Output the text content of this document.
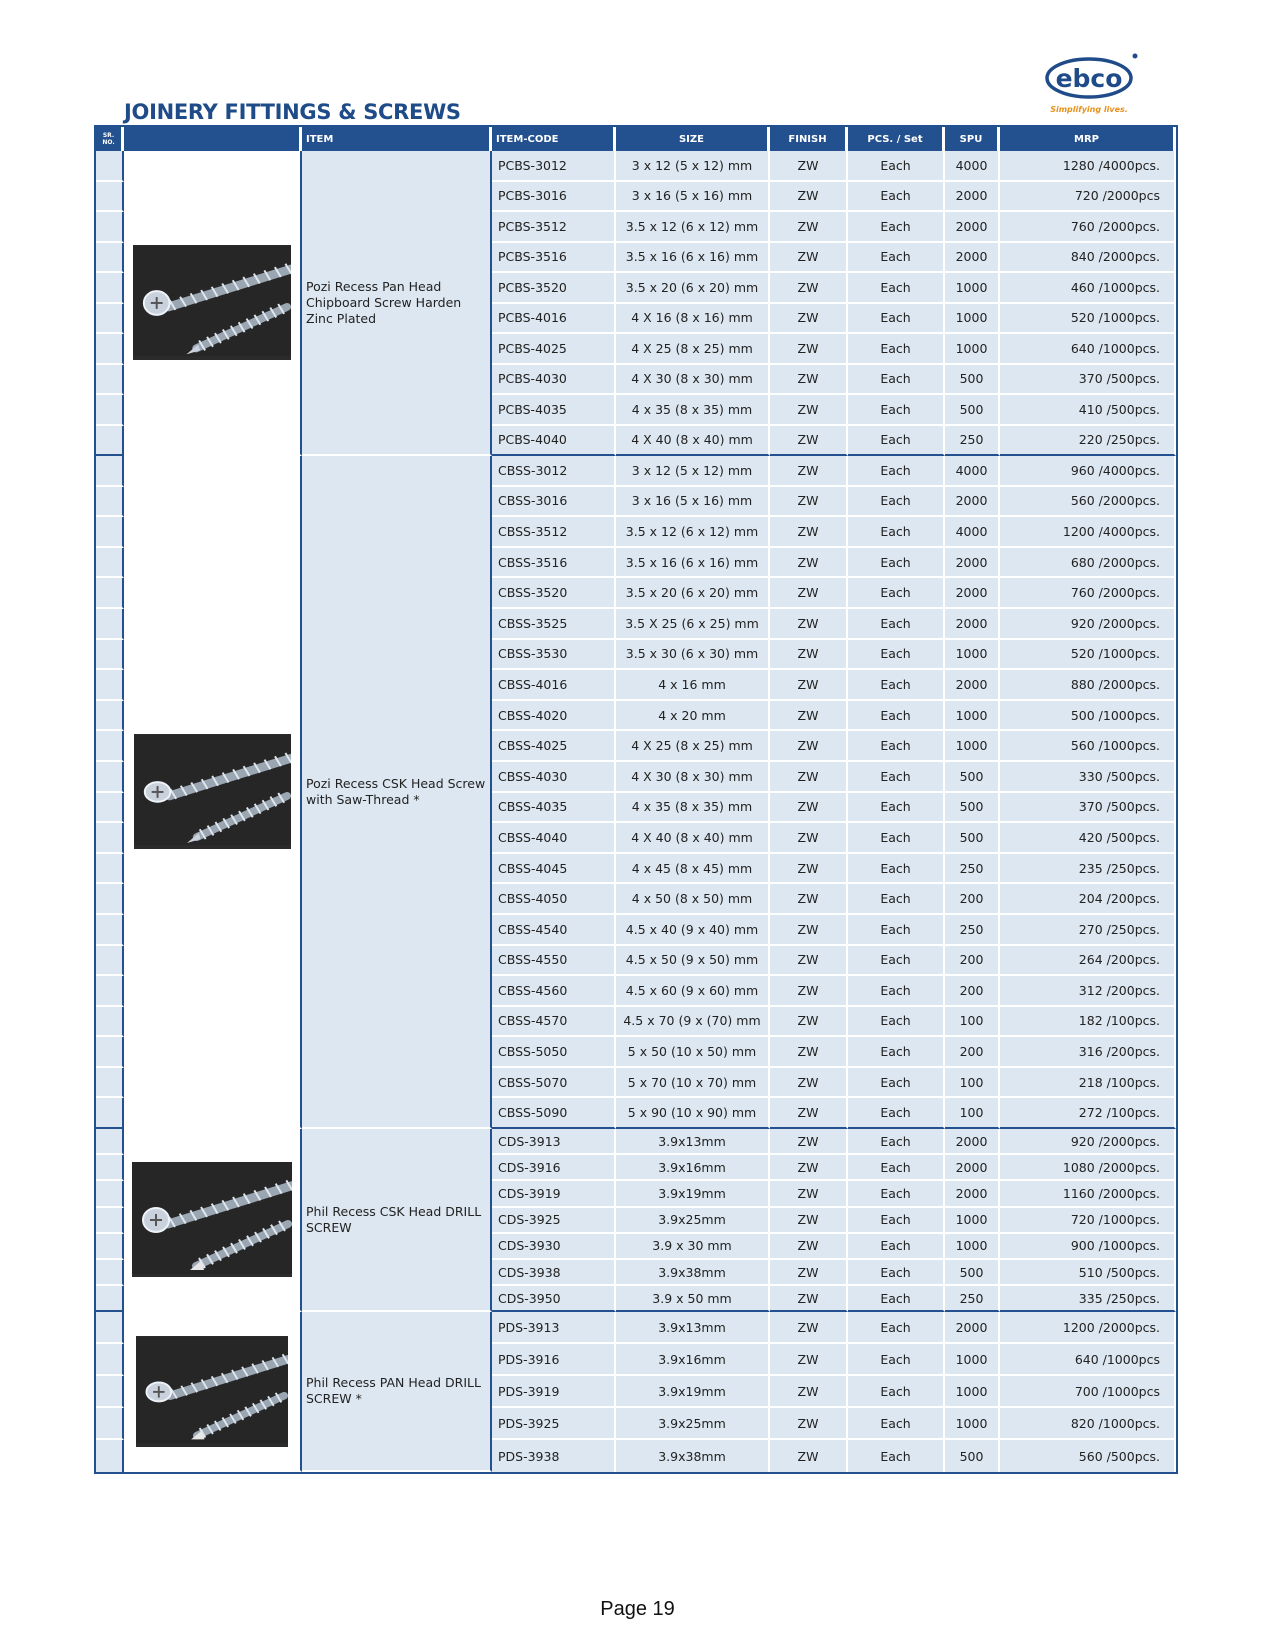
ebco
Simplifying lives.
JOINERY FITTINGS & SCREWS
SR. NO.		ITEM	ITEM-CODE	SIZE	FINISH	PCS. / Set	SPU	MRP
		Pozi Recess Pan Head Chipboard Screw Harden Zinc Plated	PCBS-3012	3 x 12 (5 x 12) mm	ZW	Each	4000	1280 /4000pcs.
			PCBS-3016	3 x 16 (5 x 16) mm	ZW	Each	2000	720 /2000pcs
			PCBS-3512	3.5 x 12 (6 x 12) mm	ZW	Each	2000	760 /2000pcs.
			PCBS-3516	3.5 x 16 (6 x 16) mm	ZW	Each	2000	840 /2000pcs.
			PCBS-3520	3.5 x 20 (6 x 20) mm	ZW	Each	1000	460 /1000pcs.
			PCBS-4016	4 X 16 (8 x 16) mm	ZW	Each	1000	520 /1000pcs.
			PCBS-4025	4 X 25 (8 x 25) mm	ZW	Each	1000	640 /1000pcs.
			PCBS-4030	4 X 30 (8 x 30) mm	ZW	Each	500	370 /500pcs.
			PCBS-4035	4 x 35 (8 x 35) mm	ZW	Each	500	410 /500pcs.
			PCBS-4040	4 X 40 (8 x 40) mm	ZW	Each	250	220 /250pcs.
		Pozi Recess CSK Head Screw with Saw-Thread *	CBSS-3012	3 x 12 (5 x 12) mm	ZW	Each	4000	960 /4000pcs.
			CBSS-3016	3 x 16 (5 x 16) mm	ZW	Each	2000	560 /2000pcs.
			CBSS-3512	3.5 x 12 (6 x 12) mm	ZW	Each	4000	1200 /4000pcs.
			CBSS-3516	3.5 x 16 (6 x 16) mm	ZW	Each	2000	680 /2000pcs.
			CBSS-3520	3.5 x 20 (6 x 20) mm	ZW	Each	2000	760 /2000pcs.
			CBSS-3525	3.5 X 25 (6 x 25) mm	ZW	Each	2000	920 /2000pcs.
			CBSS-3530	3.5 x 30 (6 x 30) mm	ZW	Each	1000	520 /1000pcs.
			CBSS-4016	4 x 16 mm	ZW	Each	2000	880 /2000pcs.
			CBSS-4020	4 x 20 mm	ZW	Each	1000	500 /1000pcs.
			CBSS-4025	4 X 25 (8 x 25) mm	ZW	Each	1000	560 /1000pcs.
			CBSS-4030	4 X 30 (8 x 30) mm	ZW	Each	500	330 /500pcs.
			CBSS-4035	4 x 35 (8 x 35) mm	ZW	Each	500	370 /500pcs.
			CBSS-4040	4 X 40 (8 x 40) mm	ZW	Each	500	420 /500pcs.
			CBSS-4045	4 x 45 (8 x 45) mm	ZW	Each	250	235 /250pcs.
			CBSS-4050	4 x 50 (8 x 50) mm	ZW	Each	200	204 /200pcs.
			CBSS-4540	4.5 x 40 (9 x 40) mm	ZW	Each	250	270 /250pcs.
			CBSS-4550	4.5 x 50 (9 x 50) mm	ZW	Each	200	264 /200pcs.
			CBSS-4560	4.5 x 60 (9 x 60) mm	ZW	Each	200	312 /200pcs.
			CBSS-4570	4.5 x 70 (9 x (70) mm	ZW	Each	100	182 /100pcs.
			CBSS-5050	5 x 50 (10 x 50) mm	ZW	Each	200	316 /200pcs.
			CBSS-5070	5 x 70 (10 x 70) mm	ZW	Each	100	218 /100pcs.
			CBSS-5090	5 x 90 (10 x 90) mm	ZW	Each	100	272 /100pcs.
		Phil Recess CSK Head DRILL SCREW	CDS-3913	3.9x13mm	ZW	Each	2000	920 /2000pcs.
			CDS-3916	3.9x16mm	ZW	Each	2000	1080 /2000pcs.
			CDS-3919	3.9x19mm	ZW	Each	2000	1160 /2000pcs.
			CDS-3925	3.9x25mm	ZW	Each	1000	720 /1000pcs.
			CDS-3930	3.9 x 30 mm	ZW	Each	1000	900 /1000pcs.
			CDS-3938	3.9x38mm	ZW	Each	500	510 /500pcs.
			CDS-3950	3.9 x 50 mm	ZW	Each	250	335 /250pcs.
		Phil Recess PAN Head DRILL SCREW *	PDS-3913	3.9x13mm	ZW	Each	2000	1200 /2000pcs.
			PDS-3916	3.9x16mm	ZW	Each	1000	640 /1000pcs
			PDS-3919	3.9x19mm	ZW	Each	1000	700 /1000pcs
			PDS-3925	3.9x25mm	ZW	Each	1000	820 /1000pcs.
			PDS-3938	3.9x38mm	ZW	Each	500	560 /500pcs.
Page 19
